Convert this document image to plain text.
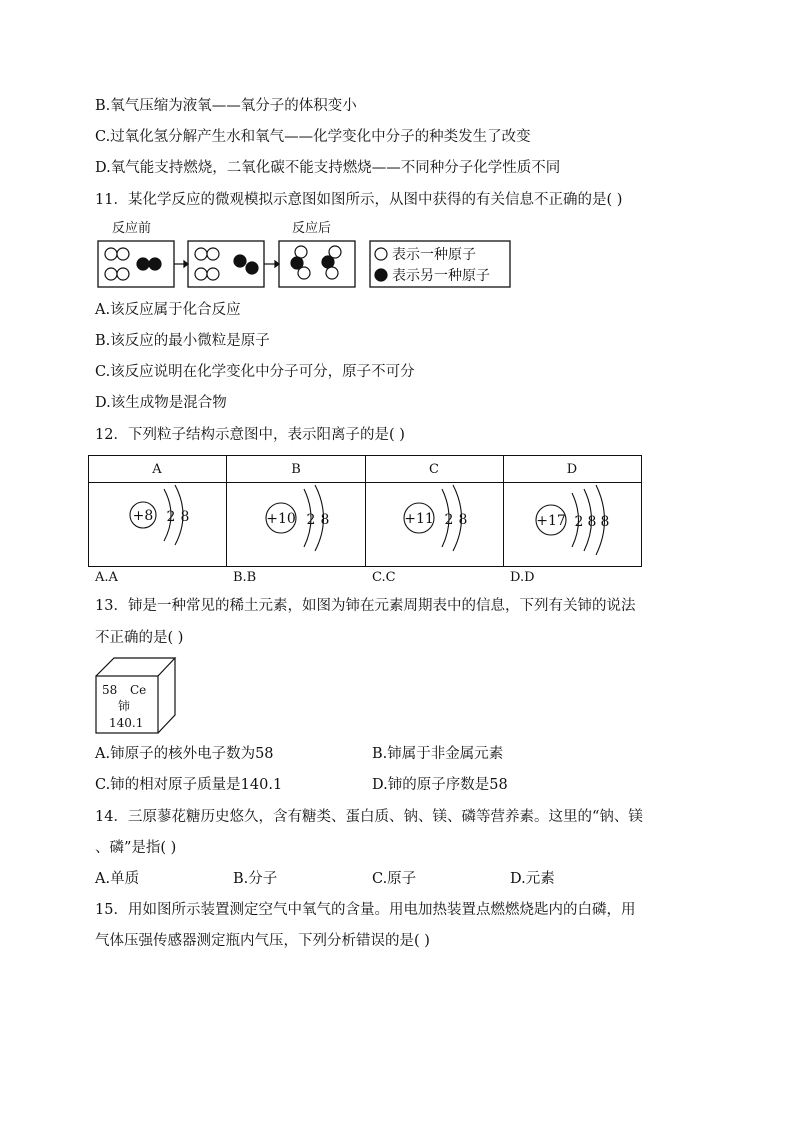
B.氧气压缩为液氧——氧分子的体积变小
C.过氧化氢分解产生水和氧气——化学变化中分子的种类发生了改变
D.氧气能支持燃烧，二氧化碳不能支持燃烧——不同种分子化学性质不同
11．某化学反应的微观模拟示意图如图所示，从图中获得的有关信息不正确的是( )
反应前	反应后
表示一种原子
表示另一种原子
A.该反应属于化合反应
B.该反应的最小微粒是原子
C.该反应说明在化学变化中分子可分，原子不可分
D.该生成物是混合物
12．下列粒子结构示意图中，表示阳离子的是( )
A	B	C	D
+8 2 8	+10 2 8	+11 2 8	+17 2 8 8
A.A	B.B	C.C	D.D
13．铈是一种常见的稀土元素，如图为铈在元素周期表中的信息，下列有关铈的说法
不正确的是( )
58 Ce
铈
140.1
A.铈原子的核外电子数为58	B.铈属于非金属元素
C.铈的相对原子质量是140.1	D.铈的原子序数是58
14．三原蓼花糖历史悠久，含有糖类、蛋白质、钠、镁、磷等营养素。这里的“钠、镁
、磷”是指( )
A.单质	B.分子	C.原子	D.元素
15．用如图所示装置测定空气中氧气的含量。用电加热装置点燃燃烧匙内的白磷，用
气体压强传感器测定瓶内气压，下列分析错误的是( )
